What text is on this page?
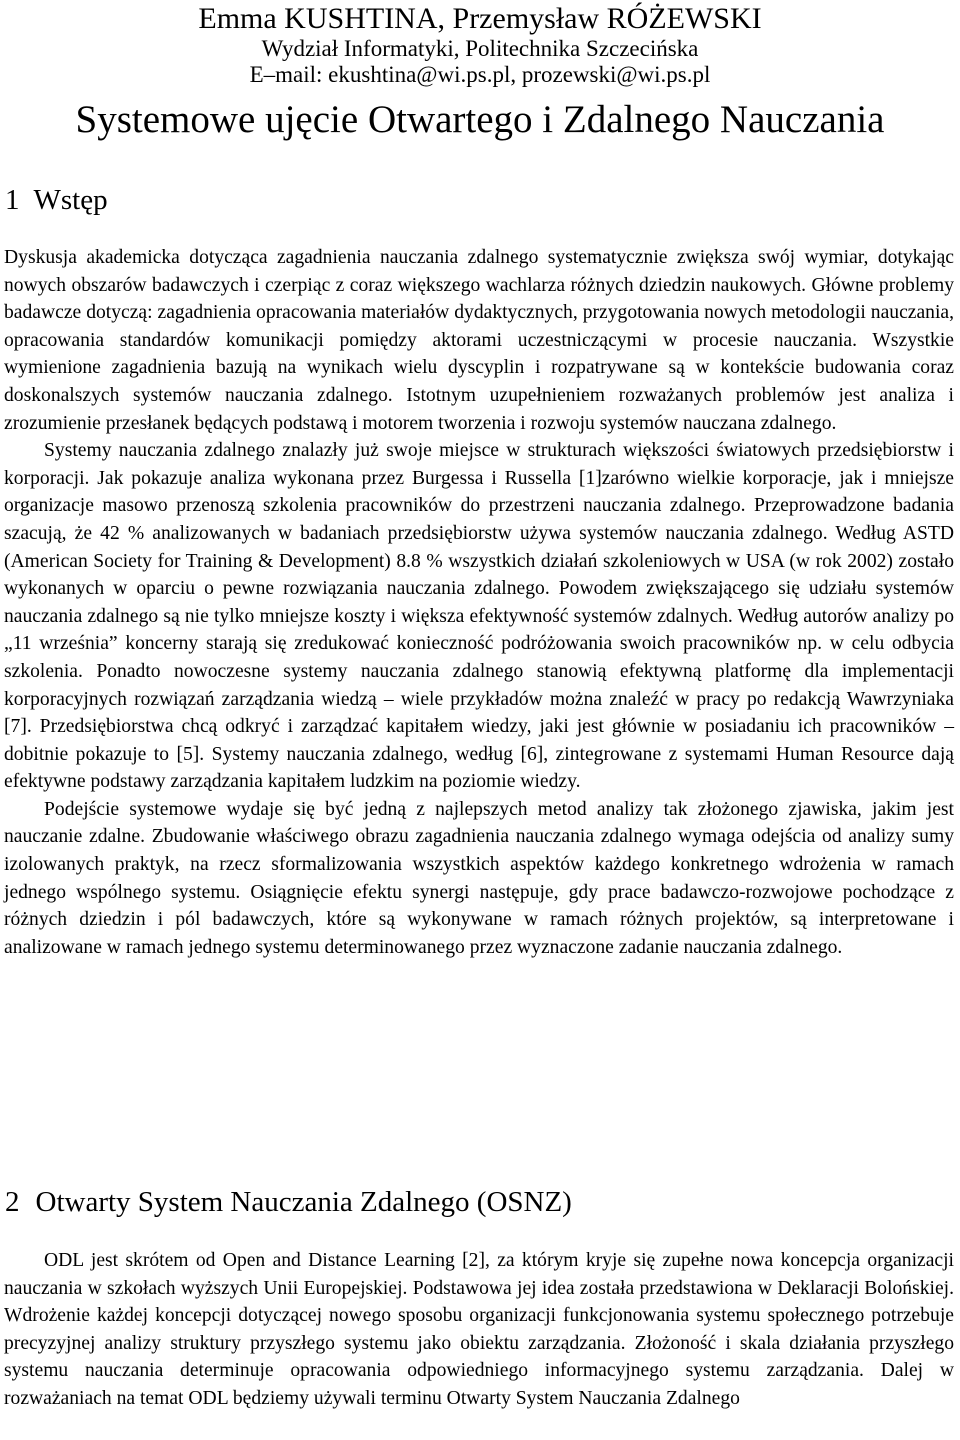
Emma KUSHTINA, Przemysław RÓŻEWSKI

Wydział Informatyki, Politechnika Szczecińska

E–mail: ekushtina@wi.ps.pl, prozewski@wi.ps.pl

Systemowe ujęcie Otwartego i Zdalnego Nauczania
1 Wstęp

Dyskusja akademicka dotycząca zagadnienia nauczania zdalnego systematycznie zwiększa swój wymiar, dotykając nowych obszarów badawczych i czerpiąc z coraz większego wachlarza różnych dziedzin naukowych. Główne problemy badawcze dotyczą: zagadnienia opracowania materiałów dydaktycznych, przygotowania nowych metodologii nauczania, opracowania standardów komunikacji pomiędzy aktorami uczestniczącymi w procesie nauczania. Wszystkie wymienione zagadnienia bazują na wynikach wielu dyscyplin i rozpatrywane są w kontekście budowania coraz doskonalszych systemów nauczania zdalnego. Istotnym uzupełnieniem rozważanych problemów jest analiza i zrozumienie przesłanek będących podstawą i motorem tworzenia i rozwoju systemów nauczana zdalnego.

Systemy nauczania zdalnego znalazły już swoje miejsce w strukturach większości światowych przedsiębiorstw i korporacji. Jak pokazuje analiza wykonana przez Burgessa i Russella [1]zarówno wielkie korporacje, jak i mniejsze organizacje masowo przenoszą szkolenia pracowników do przestrzeni nauczania zdalnego. Przeprowadzone badania szacują, że 42 % analizowanych w badaniach przedsiębiorstw używa systemów nauczania zdalnego. Według ASTD (American Society for Training & Development) 8.8 % wszystkich działań szkoleniowych w USA (w rok 2002) zostało wykonanych w oparciu o pewne rozwiązania nauczania zdalnego. Powodem zwiększającego się udziału systemów nauczania zdalnego są nie tylko mniejsze koszty i większa efektywność systemów zdalnych. Według autorów analizy po „11 września” koncerny starają się zredukować konieczność podróżowania swoich pracowników np. w celu odbycia szkolenia. Ponadto nowoczesne systemy nauczania zdalnego stanowią efektywną platformę dla implementacji korporacyjnych rozwiązań zarządzania wiedzą – wiele przykładów można znaleźć w pracy po redakcją Wawrzyniaka [7]. Przedsiębiorstwa chcą odkryć i zarządzać kapitałem wiedzy, jaki jest głównie w posiadaniu ich pracowników – dobitnie pokazuje to [5]. Systemy nauczania zdalnego, według [6], zintegrowane z systemami Human Resource dają efektywne podstawy zarządzania kapitałem ludzkim na poziomie wiedzy.

Podejście systemowe wydaje się być jedną z najlepszych metod analizy tak złożonego zjawiska, jakim jest nauczanie zdalne. Zbudowanie właściwego obrazu zagadnienia nauczania zdalnego wymaga odejścia od analizy sumy izolowanych praktyk, na rzecz sformalizowania wszystkich aspektów każdego konkretnego wdrożenia w ramach jednego wspólnego systemu. Osiągnięcie efektu synergi następuje, gdy prace badawczo-rozwojowe pochodzące z różnych dziedzin i pól badawczych, które są wykonywane w ramach różnych projektów, są interpretowane i analizowane w ramach jednego systemu determinowanego przez wyznaczone zadanie nauczania zdalnego.

2 Otwarty System Nauczania Zdalnego (OSNZ)

ODL jest skrótem od Open and Distance Learning [2], za którym kryje się zupełne nowa koncepcja organizacji nauczania w szkołach wyższych Unii Europejskiej. Podstawowa jej idea została przedstawiona w Deklaracji Bolońskiej. Wdrożenie każdej koncepcji dotyczącej nowego sposobu organizacji funkcjonowania systemu społecznego potrzebuje precyzyjnej analizy struktury przyszłego systemu jako obiektu zarządzania. Złożoność i skala działania przyszłego systemu nauczania determinuje opracowania odpowiedniego informacyjnego systemu zarządzania. Dalej w rozważaniach na temat ODL będziemy używali terminu Otwarty System Nauczania Zdalnego
